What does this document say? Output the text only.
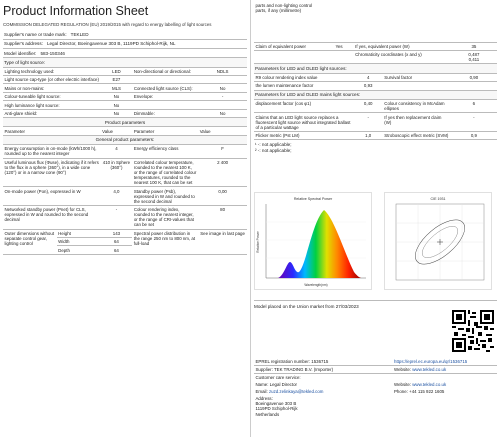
Product Information Sheet
COMMISSION DELEGATED REGULATION (EU) 2019/2015 with regard to energy labelling of light sources
Supplier's name or trade mark: TEKLED
Supplier's address: Legal Director, Boeingavenue 303 B, 1119PD Schiphol-Rijk, NL
Model identifier: 583-150346
Type of light source:
Lighting technology used:	LED	Non-directional or directional:	NDLS
Light source cap-type (or other electric interface)	E27		
Mains or non-mains:	MLS	Connected light source (CLS):	No
Colour-tuneable light source:	No	Envelope:	-
High luminance light source:	No		
Anti-glare shield:	No	Dimmable:	No
Product parameters
Parameter	Value	Parameter	Value
General product parameters:
Energy consumption in on-mode (kWh/1000 h), rounded up to the nearest integer	4	Energy efficiency class	F
Useful luminous flux (Φuse), indicating if it refers to the flux in a sphere (360°), in a wide cone (120°) or in a narrow cone (90°)	410 in Sphere (360°)	Correlated colour temperature, rounded to the nearest 100 K, or the range of correlated colour temperatures, rounded to the nearest 100 K, that can be set	2 400
On-mode power (Pon), expressed in W	4,0	Standby power (Psb), expressed in W and rounded to the second decimal	0,00
Networked standby power (Pnet) for CLS, expressed in W and rounded to the second decimal	-	Colour rendering index, rounded to the nearest integer, or the range of CRI-values that can be set	80
Outer dimensions without separate control gear, lighting control	Height	143	Spectral power distribution in the range 250 nm to 800 nm, at full-load	See image in last page
	Width	64		
	Depth	64		
parts and non-lighting control parts, if any (millimetre)			
Claim of equivalent power	Yes	If yes, equivalent power (W)	35
		Chromaticity coordinates (x and y)	0,487
0,411
Parameters for LED and OLED light sources:
R9 colour rendering index value	4	Survival factor	0,90
the lumen maintenance factor	0,93		
Parameters for LED and OLED mains light sources:
displacement factor (cos φ1)	0,40	Colour consistency in McAdam ellipses	6
Claims that an LED light source replaces a fluorescent light source without integrated ballast of a particular wattage	-	If yes then replacement claim (W)	-
Flicker metric (Pst LM)	1,0	Stroboscopic effect metric (SVM)	0,9
¹ -: not applicable;
² -: not applicable;
Relative Spectral Power
Wavelength(nm)
Relative Power
CIE 1931
Model placed on the Union market from 27/03/2023
EPREL registration number: 1536715	https://eprel.ec.europa.eu/qr/1536715
Supplier: TEK TRADING B.V. (Importer)	Website: www.tekled.co.uk
Customer care service:	
Name: Legal Director	Website: www.tekled.co.uk
Email: zuzd.zelinkaya@tekled.com	Phone: +44 115 922 1605

Address:
Boeingavenue 303 B
1119PD Schiphol-Rijk
Netherlands	
